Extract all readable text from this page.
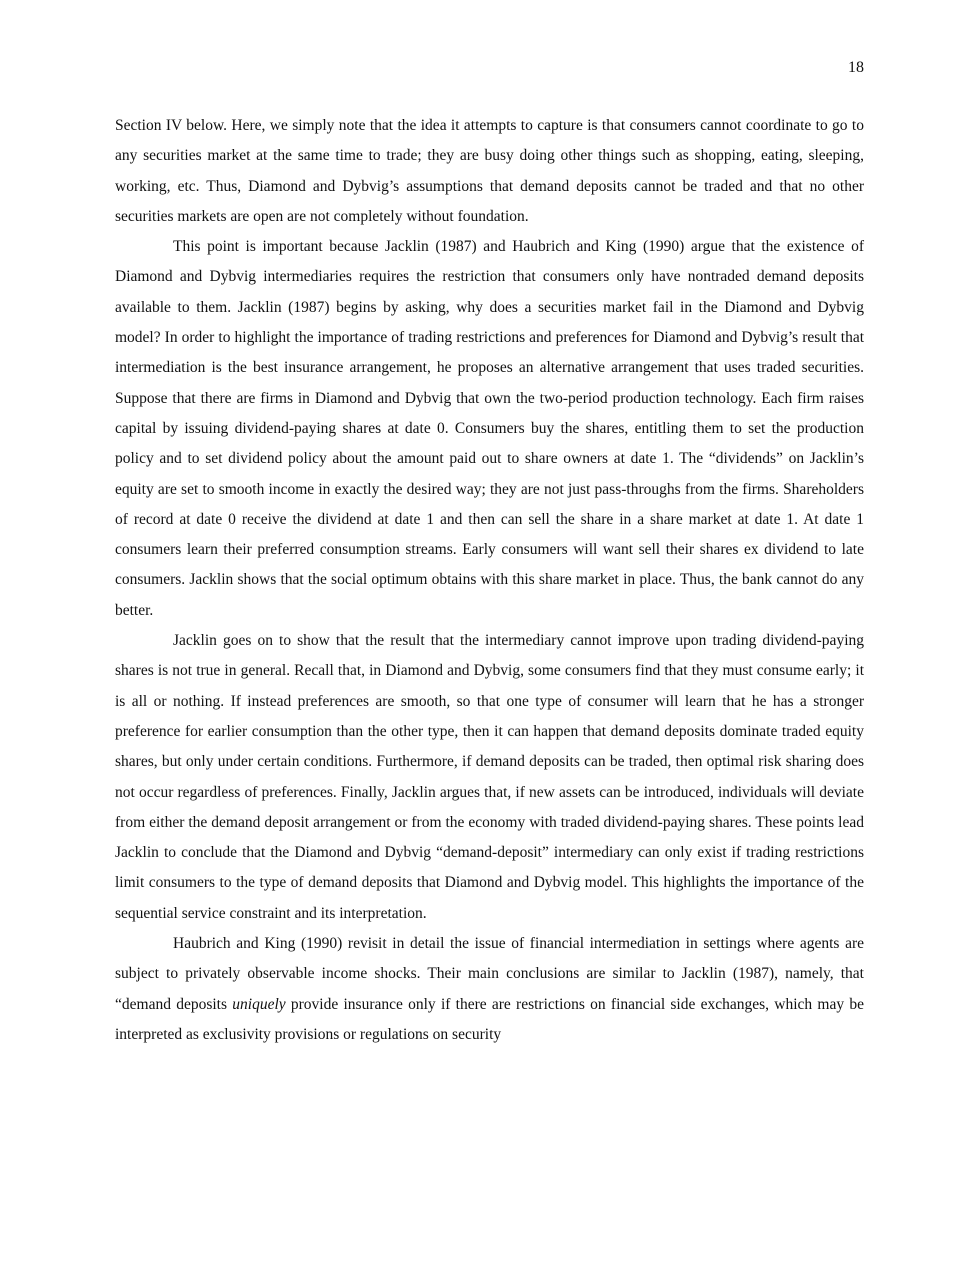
18

Section IV below. Here, we simply note that the idea it attempts to capture is that consumers cannot coordinate to go to any securities market at the same time to trade; they are busy doing other things such as shopping, eating, sleeping, working, etc. Thus, Diamond and Dybvig’s assumptions that demand deposits cannot be traded and that no other securities markets are open are not completely without foundation.

This point is important because Jacklin (1987) and Haubrich and King (1990) argue that the existence of Diamond and Dybvig intermediaries requires the restriction that consumers only have nontraded demand deposits available to them. Jacklin (1987) begins by asking, why does a securities market fail in the Diamond and Dybvig model? In order to highlight the importance of trading restrictions and preferences for Diamond and Dybvig’s result that intermediation is the best insurance arrangement, he proposes an alternative arrangement that uses traded securities. Suppose that there are firms in Diamond and Dybvig that own the two-period production technology. Each firm raises capital by issuing dividend-paying shares at date 0. Consumers buy the shares, entitling them to set the production policy and to set dividend policy about the amount paid out to share owners at date 1. The “dividends” on Jacklin’s equity are set to smooth income in exactly the desired way; they are not just pass-throughs from the firms. Shareholders of record at date 0 receive the dividend at date 1 and then can sell the share in a share market at date 1. At date 1 consumers learn their preferred consumption streams. Early consumers will want sell their shares ex dividend to late consumers. Jacklin shows that the social optimum obtains with this share market in place. Thus, the bank cannot do any better.

Jacklin goes on to show that the result that the intermediary cannot improve upon trading dividend-paying shares is not true in general. Recall that, in Diamond and Dybvig, some consumers find that they must consume early; it is all or nothing. If instead preferences are smooth, so that one type of consumer will learn that he has a stronger preference for earlier consumption than the other type, then it can happen that demand deposits dominate traded equity shares, but only under certain conditions. Furthermore, if demand deposits can be traded, then optimal risk sharing does not occur regardless of preferences. Finally, Jacklin argues that, if new assets can be introduced, individuals will deviate from either the demand deposit arrangement or from the economy with traded dividend-paying shares. These points lead Jacklin to conclude that the Diamond and Dybvig “demand-deposit” intermediary can only exist if trading restrictions limit consumers to the type of demand deposits that Diamond and Dybvig model. This highlights the importance of the sequential service constraint and its interpretation.

Haubrich and King (1990) revisit in detail the issue of financial intermediation in settings where agents are subject to privately observable income shocks. Their main conclusions are similar to Jacklin (1987), namely, that “demand deposits uniquely provide insurance only if there are restrictions on financial side exchanges, which may be interpreted as exclusivity provisions or regulations on security
